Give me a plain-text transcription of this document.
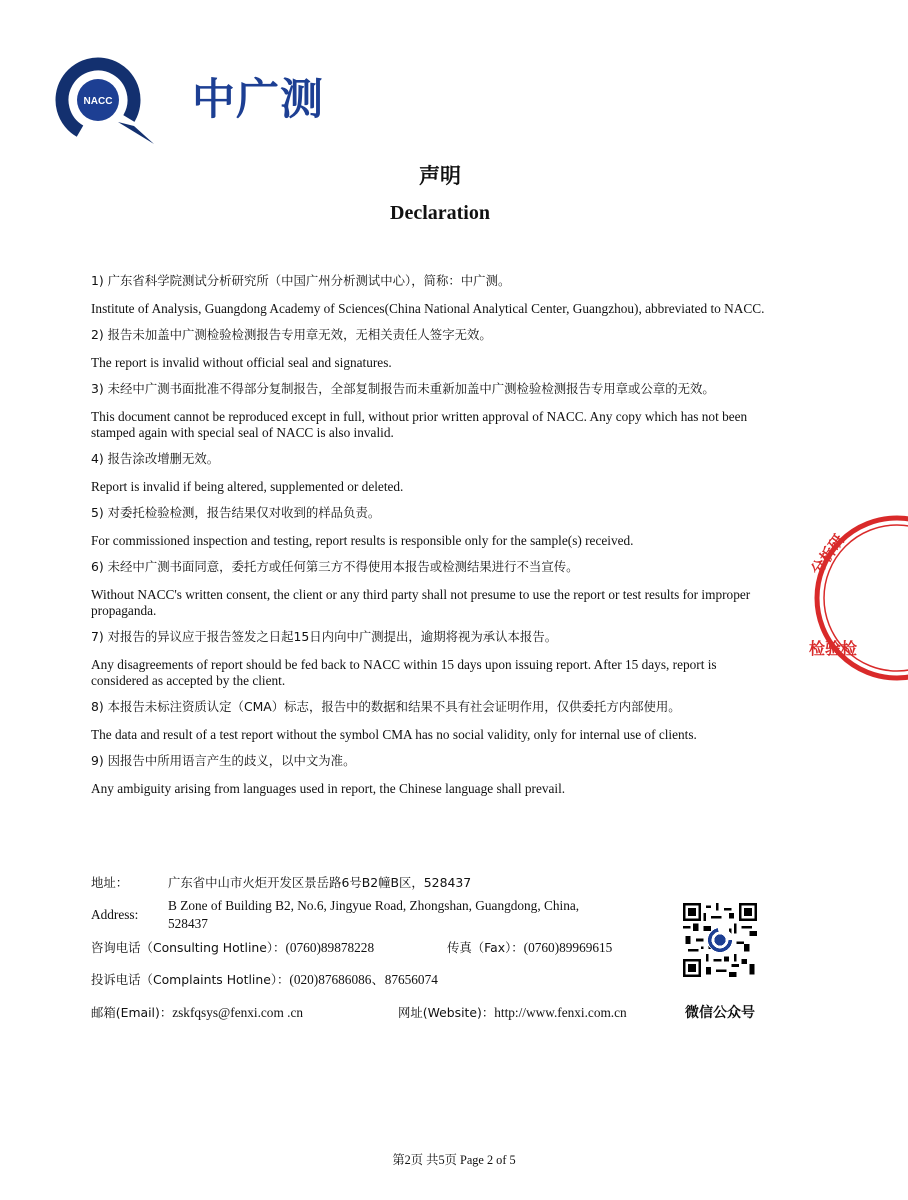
NACC 中广测
声明
Declaration
1) 广东省科学院测试分析研究所（中国广州分析测试中心），简称：中广测。
Institute of Analysis, Guangdong Academy of Sciences(China National Analytical Center, Guangzhou), abbreviated to NACC.
2) 报告未加盖中广测检验检测报告专用章无效，无相关责任人签字无效。
The report is invalid without official seal and signatures.
3) 未经中广测书面批准不得部分复制报告，全部复制报告而未重新加盖中广测检验检测报告专用章或公章的无效。
This document cannot be reproduced except in full, without prior written approval of NACC. Any copy which has not been stamped again with special seal of NACC is also invalid.
4) 报告涂改增删无效。
Report is invalid if being altered, supplemented or deleted.
5) 对委托检验检测，报告结果仅对收到的样品负责。
For commissioned inspection and testing, report results is responsible only for the sample(s) received.
6) 未经中广测书面同意，委托方或任何第三方不得使用本报告或检测结果进行不当宣传。
Without NACC's written consent, the client or any third party shall not presume to use the report or test results for improper propaganda.
7) 对报告的异议应于报告签发之日起15日内向中广测提出，逾期将视为承认本报告。
Any disagreements of report should be fed back to NACC within 15 days upon issuing report. After 15 days, report is considered as accepted by the client.
8) 本报告未标注资质认定（CMA）标志，报告中的数据和结果不具有社会证明作用，仅供委托方内部使用。
The data and result of a test report without the symbol CMA has no social validity, only for internal use of clients.
9) 因报告中所用语言产生的歧义，以中文为准。
Any ambiguity arising from languages used in report, the Chinese language shall prevail.
地址：	广东省中山市火炬开发区景岳路6号B2幢B区，528437
Address:
B Zone of Building B2, No.6, Jingyue Road, Zhongshan, Guangdong, China,
528437
咨询电话（Consulting Hotline）：(0760)89878228	传真（Fax）：(0760)89969615
投诉电话（Complaints Hotline）：(020)87686086、87656074
邮箱(Email)：zskfqsys@fenxi.com .cn	网址(Website)：http://www.fenxi.com.cn	微信公众号
分析研
检验检
第2页 共5页 Page 2 of 5
